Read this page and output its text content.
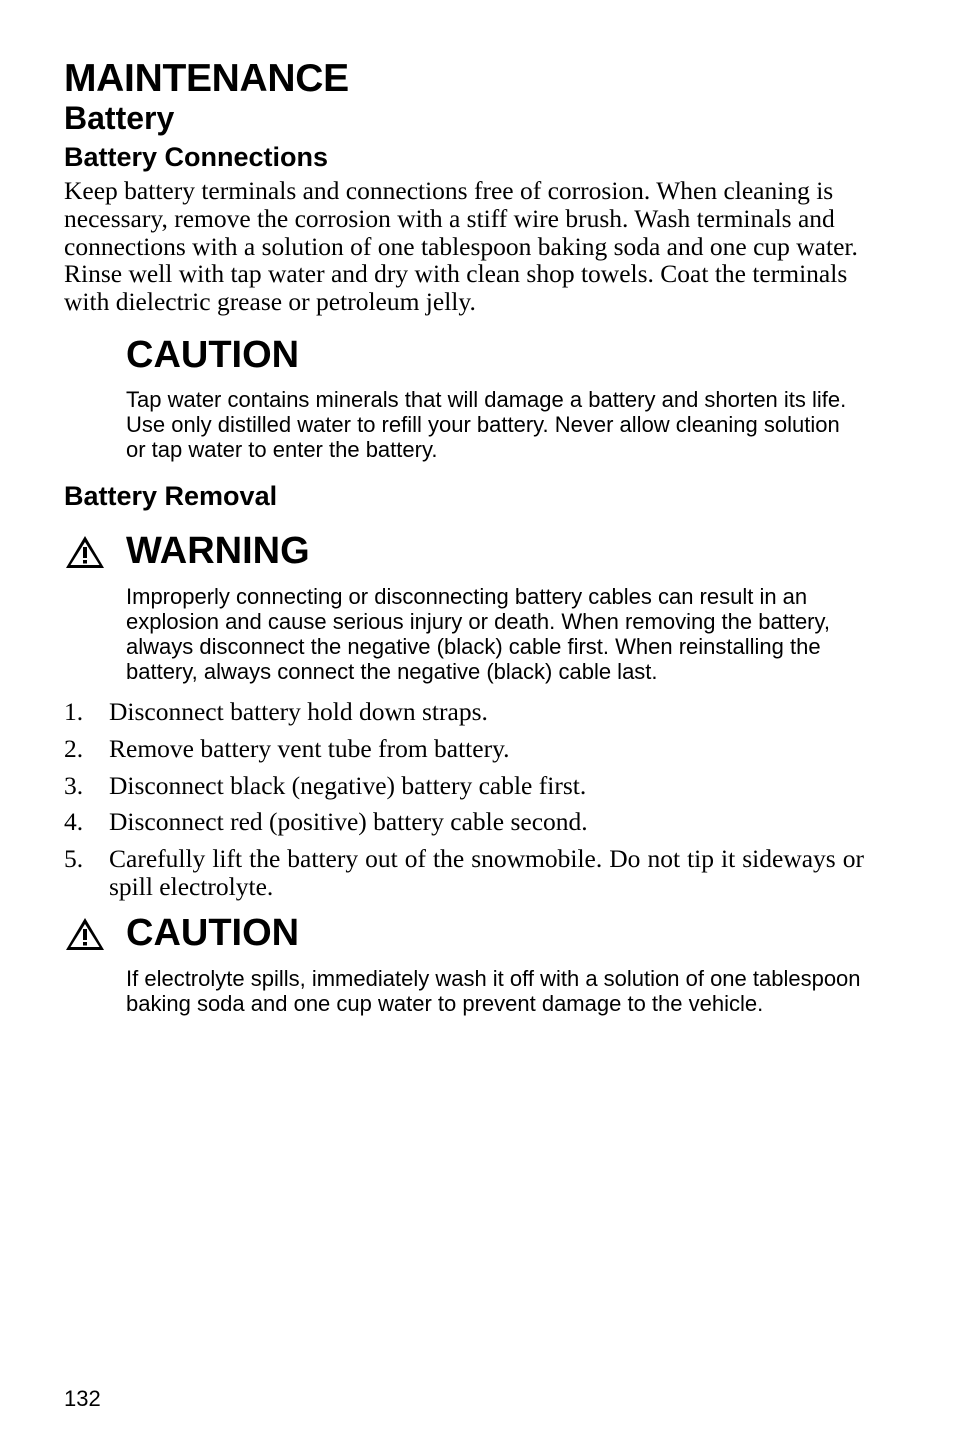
MAINTENANCE
Battery
Battery Connections

Keep battery terminals and connections free of corrosion. When cleaning is necessary, remove the corrosion with a stiff wire brush. Wash terminals and connections with a solution of one tablespoon baking soda and one cup water. Rinse well with tap water and dry with clean shop towels. Coat the terminals with dielectric grease or petroleum jelly.

CAUTION

Tap water contains minerals that will damage a battery and shorten its life. Use only distilled water to refill your battery. Never allow cleaning solution or tap water to enter the battery.

Battery Removal
WARNING

Improperly connecting or disconnecting battery cables can result in an explosion and cause serious injury or death. When removing the battery, always disconnect the negative (black) cable first. When reinstalling the battery, always connect the negative (black) cable last.

1.	Disconnect battery hold down straps.
2.	Remove battery vent tube from battery.
3.	Disconnect black (negative) battery cable first.
4.	Disconnect red (positive) battery cable second.
5.	Carefully lift the battery out of the snowmobile. Do not tip it sideways or spill electrolyte.
CAUTION

If electrolyte spills, immediately wash it off with a solution of one tablespoon baking soda and one cup water to prevent damage to the vehicle.

132
